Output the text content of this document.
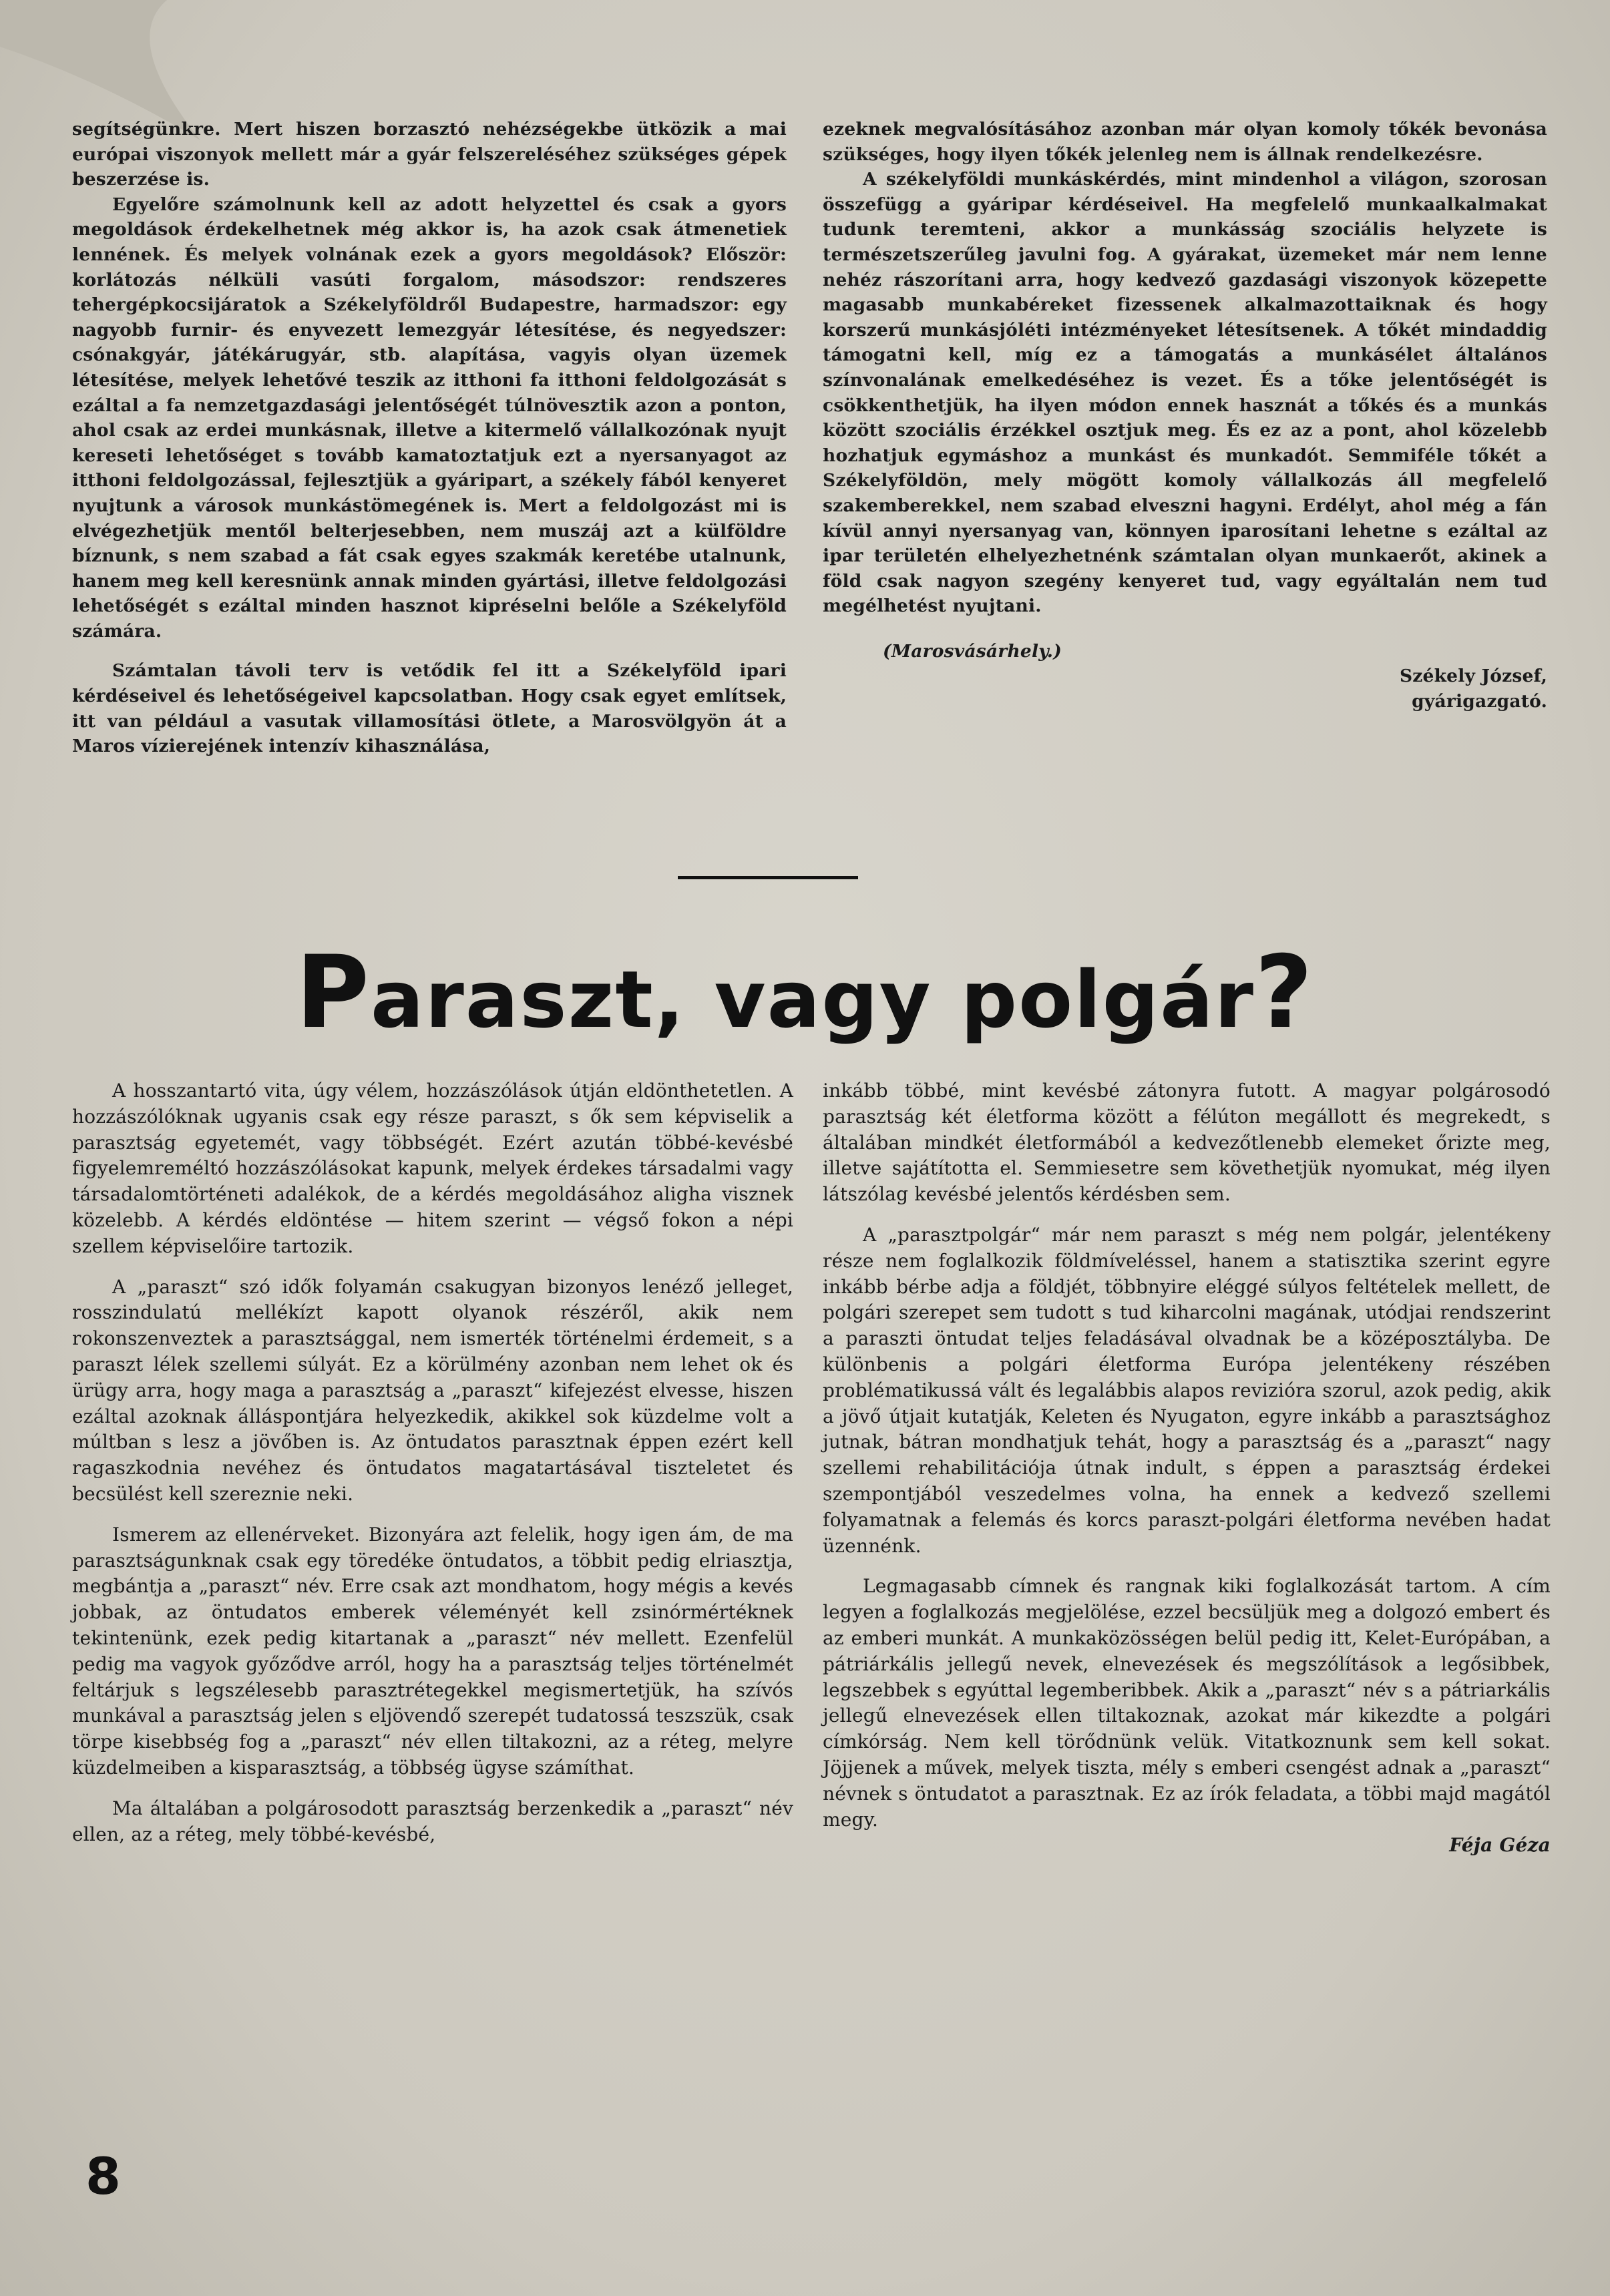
segítségünkre. Mert hiszen borzasztó nehézségekbe ütközik a mai európai viszonyok mellett már a gyár felszereléséhez szükséges gépek beszerzése is.

Egyelőre számolnunk kell az adott helyzettel és csak a gyors megoldások érdekelhetnek még akkor is, ha azok csak átmenetiek lennének. És melyek volnának ezek a gyors megoldások? Először: korlátozás nélküli vasúti forgalom, másodszor: rendszeres tehergépkocsijáratok a Székelyföldről Budapestre, harmadszor: egy nagyobb furnir- és enyvezett lemezgyár létesítése, és negyedszer: csónakgyár, játékárugyár, stb. alapítása, vagyis olyan üzemek létesítése, melyek lehetővé teszik az itthoni fa itthoni feldolgozását s ezáltal a fa nemzetgazdasági jelentőségét túlnövesztik azon a ponton, ahol csak az erdei munkásnak, illetve a kitermelő vállalkozónak nyujt kereseti lehetőséget s tovább kamatoztatjuk ezt a nyersanyagot az itthoni feldolgozással, fejlesztjük a gyáripart, a székely fából kenyeret nyujtunk a városok munkástömegének is. Mert a feldolgozást mi is elvégezhetjük mentől belterjesebben, nem muszáj azt a külföldre bíznunk, s nem szabad a fát csak egyes szakmák keretébe utalnunk, hanem meg kell keresnünk annak minden gyártási, illetve feldolgozási lehetőségét s ezáltal minden hasznot kipréselni belőle a Székelyföld számára.

Számtalan távoli terv is vetődik fel itt a Székelyföld ipari kérdéseivel és lehetőségeivel kapcsolatban. Hogy csak egyet említsek, itt van például a vasutak villamosítási ötlete, a Marosvölgyön át a Maros vízierejének intenzív kihasználása,

ezeknek megvalósításához azonban már olyan komoly tőkék bevonása szükséges, hogy ilyen tőkék jelenleg nem is állnak rendelkezésre.

A székelyföldi munkáskérdés, mint mindenhol a világon, szorosan összefügg a gyáripar kérdéseivel. Ha megfelelő munkaalkalmakat tudunk teremteni, akkor a munkásság szociális helyzete is természetszerűleg javulni fog. A gyárakat, üzemeket már nem lenne nehéz rászorítani arra, hogy kedvező gazdasági viszonyok közepette magasabb munkabéreket fizessenek alkalmazottaiknak és hogy korszerű munkásjóléti intézményeket létesítsenek. A tőkét mindaddig támogatni kell, míg ez a támogatás a munkásélet általános színvonalának emelkedéséhez is vezet. És a tőke jelentőségét is csökkenthetjük, ha ilyen módon ennek hasznát a tőkés és a munkás között szociális érzékkel osztjuk meg. És ez az a pont, ahol közelebb hozhatjuk egymáshoz a munkást és munkadót. Semmiféle tőkét a Székelyföldön, mely mögött komoly vállalkozás áll megfelelő szakemberekkel, nem szabad elveszni hagyni. Erdélyt, ahol még a fán kívül annyi nyersanyag van, könnyen iparosítani lehetne s ezáltal az ipar területén elhelyezhetnénk számtalan olyan munkaerőt, akinek a föld csak nagyon szegény kenyeret tud, vagy egyáltalán nem tud megélhetést nyujtani.

(Marosvásárhely.)

Székely József,

gyárigazgató.

Paraszt, vagy polgár?

A hosszantartó vita, úgy vélem, hozzászólások útján eldönthetetlen. A hozzászólóknak ugyanis csak egy része paraszt, s ők sem képviselik a parasztság egyetemét, vagy többségét. Ezért azután többé-kevésbé figyelemreméltó hozzászólásokat kapunk, melyek érdekes társadalmi vagy társadalomtörténeti adalékok, de a kérdés megoldásához aligha visznek közelebb. A kérdés eldöntése — hitem szerint — végső fokon a népi szellem képviselőire tartozik.

A „paraszt“ szó idők folyamán csakugyan bizonyos lenéző jelleget, rosszindulatú mellékízt kapott olyanok részéről, akik nem rokonszenveztek a parasztsággal, nem ismerték történelmi érdemeit, s a paraszt lélek szellemi súlyát. Ez a körülmény azonban nem lehet ok és ürügy arra, hogy maga a parasztság a „paraszt“ kifejezést elvesse, hiszen ezáltal azoknak álláspontjára helyezkedik, akikkel sok küzdelme volt a múltban s lesz a jövőben is. Az öntudatos parasztnak éppen ezért kell ragaszkodnia nevéhez és öntudatos magatartásával tiszteletet és becsülést kell szereznie neki.

Ismerem az ellenérveket. Bizonyára azt felelik, hogy igen ám, de ma parasztságunknak csak egy töredéke öntudatos, a többit pedig elriasztja, megbántja a „paraszt“ név. Erre csak azt mondhatom, hogy mégis a kevés jobbak, az öntudatos emberek véleményét kell zsinórmértéknek tekintenünk, ezek pedig kitartanak a „paraszt“ név mellett. Ezenfelül pedig ma vagyok győződve arról, hogy ha a parasztság teljes történelmét feltárjuk s legszélesebb parasztrétegekkel megismertetjük, ha szívós munkával a parasztság jelen s eljövendő szerepét tudatossá teszszük, csak törpe kisebbség fog a „paraszt“ név ellen tiltakozni, az a réteg, melyre küzdelmeiben a kisparasztság, a többség ügyse számíthat.

Ma általában a polgárosodott parasztság berzenkedik a „paraszt“ név ellen, az a réteg, mely többé-kevésbé,

inkább többé, mint kevésbé zátonyra futott. A magyar polgárosodó parasztság két életforma között a félúton megállott és megrekedt, s általában mindkét életformából a kedvezőtlenebb elemeket őrizte meg, illetve sajátította el. Semmiesetre sem követhetjük nyomukat, még ilyen látszólag kevésbé jelentős kérdésben sem.

A „parasztpolgár“ már nem paraszt s még nem polgár, jelentékeny része nem foglalkozik földmíveléssel, hanem a statisztika szerint egyre inkább bérbe adja a földjét, többnyire eléggé súlyos feltételek mellett, de polgári szerepet sem tudott s tud kiharcolni magának, utódjai rendszerint a paraszti öntudat teljes feladásával olvadnak be a középosztályba. De különbenis a polgári életforma Európa jelentékeny részében problématikussá vált és legalábbis alapos revizióra szorul, azok pedig, akik a jövő útjait kutatják, Keleten és Nyugaton, egyre inkább a parasztsághoz jutnak, bátran mondhatjuk tehát, hogy a parasztság és a „paraszt“ nagy szellemi rehabilitációja útnak indult, s éppen a parasztság érdekei szempontjából veszedelmes volna, ha ennek a kedvező szellemi folyamatnak a felemás és korcs paraszt-polgári életforma nevében hadat üzennénk.

Legmagasabb címnek és rangnak kiki foglalkozását tartom. A cím legyen a foglalkozás megjelölése, ezzel becsüljük meg a dolgozó embert és az emberi munkát. A munkaközösségen belül pedig itt, Kelet-Európában, a pátriárkális jellegű nevek, elnevezések és megszólítások a legősibbek, legszebbek s egyúttal legemberibbek. Akik a „paraszt“ név s a pátriarkális jellegű elnevezések ellen tiltakoznak, azokat már kikezdte a polgári címkórság. Nem kell törődnünk velük. Vitatkoznunk sem kell sokat. Jöjjenek a művek, melyek tiszta, mély s emberi csengést adnak a „paraszt“ névnek s öntudatot a parasztnak. Ez az írók feladata, a többi majd magától megy.

Féja Géza

8
